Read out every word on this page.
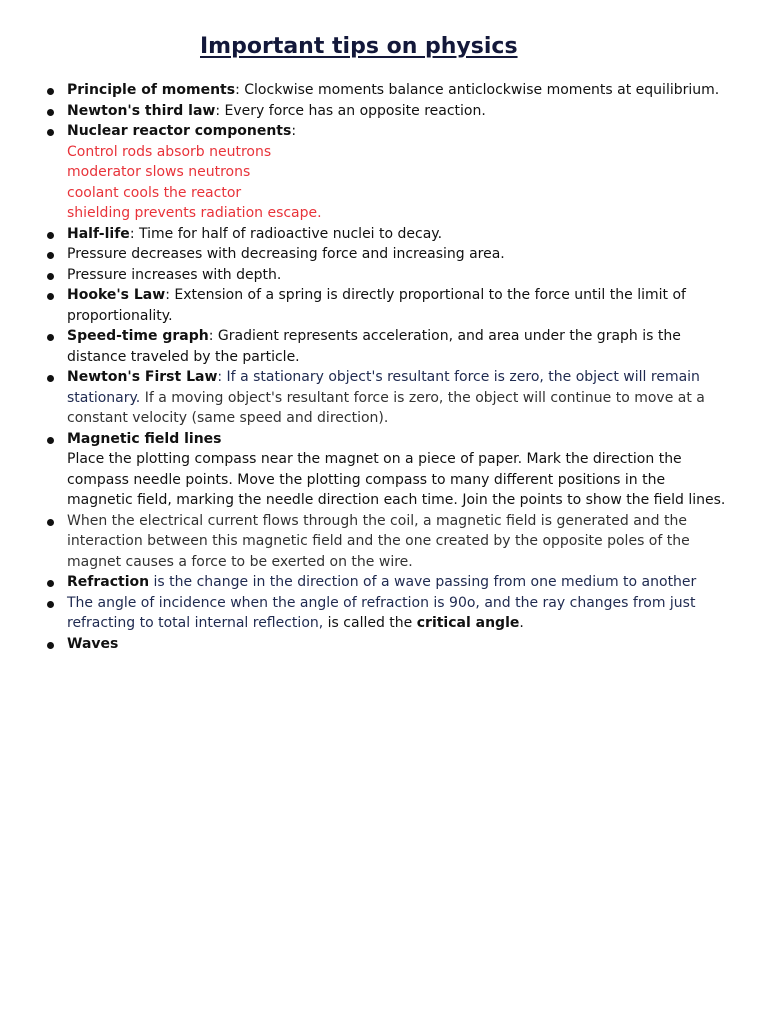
Important tips on physics
Principle of moments: Clockwise moments balance anticlockwise moments at equilibrium.
Newton's third law: Every force has an opposite reaction.
Nuclear reactor components:
Control rods absorb neutrons
moderator slows neutrons
coolant cools the reactor
shielding prevents radiation escape.
Half-life: Time for half of radioactive nuclei to decay.
Pressure decreases with decreasing force and increasing area.
Pressure increases with depth.
Hooke's Law: Extension of a spring is directly proportional to the force until the limit of proportionality.
Speed-time graph: Gradient represents acceleration, and area under the graph is the distance traveled by the particle.
Newton's First Law: If a stationary object's resultant force is zero, the object will remain stationary. If a moving object's resultant force is zero, the object will continue to move at a constant velocity (same speed and direction).
Magnetic field lines
Place the plotting compass near the magnet on a piece of paper. Mark the direction the compass needle points. Move the plotting compass to many different positions in the magnetic field, marking the needle direction each time. Join the points to show the field lines.
When the electrical current flows through the coil, a magnetic field is generated and the interaction between this magnetic field and the one created by the opposite poles of the magnet causes a force to be exerted on the wire.
Refraction is the change in the direction of a wave passing from one medium to another
The angle of incidence when the angle of refraction is 90o, and the ray changes from just refracting to total internal reflection, is called the critical angle.
Waves
